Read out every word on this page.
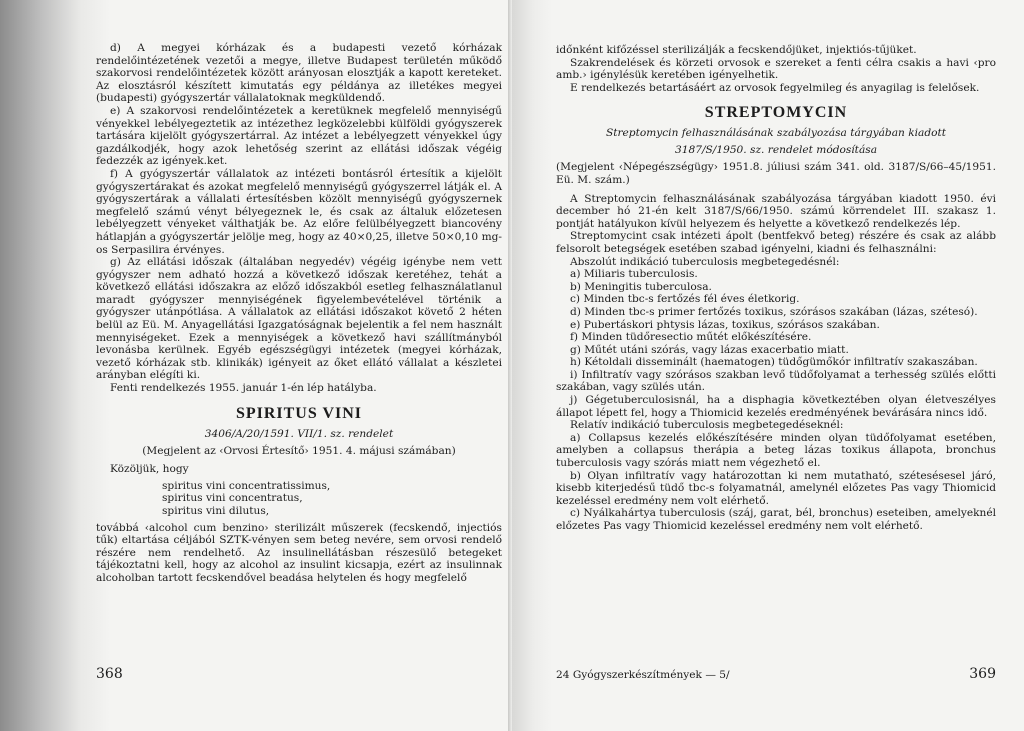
d) A megyei kórházak és a budapesti vezető kórházak rendelőintézetének vezetői a megye, illetve Budapest területén működő szakorvosi rendelőintézetek között arányosan elosztják a kapott kereteket. Az elosztásról készített kimutatás egy példánya az illetékes megyei (budapesti) gyógyszertár vállalatoknak megküldendő.

e) A szakorvosi rendelőintézetek a keretüknek megfelelő mennyiségű vényekkel lebélyegeztetik az intézethez legközelebbi külföldi gyógyszerek tartására kijelölt gyógyszertárral. Az intézet a lebélyegzett vényekkel úgy gazdálkodjék, hogy azok lehetőség szerint az ellátási időszak végéig fedezzék az igények.ket.

f) A gyógyszertár vállalatok az intézeti bontásról értesítik a kijelölt gyógyszertárakat és azokat megfelelő mennyiségű gyógyszerrel látják el. A gyógyszertárak a vállalati értesítésben közölt mennyiségű gyógyszernek megfelelő számú vényt bélyegeznek le, és csak az általuk előzetesen lebélyegzett vényeket válthatják be. Az előre felülbélyegzett biancovény hátlapján a gyógyszertár jelölje meg, hogy az 40×0,25, illetve 50×0,10 mg-os Serpasilira érvényes.

g) Az ellátási időszak (általában negyedév) végéig igénybe nem vett gyógyszer nem adható hozzá a következő időszak keretéhez, tehát a következő ellátási időszakra az előző időszakból esetleg felhasználatlanul maradt gyógyszer mennyiségének figyelembevételével történik a gyógyszer utánpótlása. A vállalatok az ellátási időszakot követő 2 héten belül az Eü. M. Anyagellátási Igazgatóságnak bejelentik a fel nem használt mennyiségeket. Ezek a mennyiségek a következő havi szállítmányból levonásba kerülnek. Egyéb egészségügyi intézetek (megyei kórházak, vezető kórházak stb. klinikák) igényeit az őket ellátó vállalat a készletei arányban elégíti ki.

Fenti rendelkezés 1955. január 1-én lép hatályba.

SPIRITUS VINI
3406/A/20/1591. VII/1. sz. rendelet

(Megjelent az ‹Orvosi Értesítő› 1951. 4. májusi számában)

Közöljük, hogy

spiritus vini concentratissimus,
spiritus vini concentratus,
spiritus vini dilutus,

továbbá ‹alcohol cum benzino› sterilizált műszerek (fecskendő, injectiós tűk) eltartása céljából SZTK-vényen sem beteg nevére, sem orvosi rendelő részére nem rendelhető. Az insulinellátásban részesülő betegeket tájékoztatni kell, hogy az alcohol az insulint kicsapja, ezért az insulinnak alcoholban tartott fecskendővel beadása helytelen és hogy megfelelő

368

időnként kifőzéssel sterilizálják a fecskendőjüket, injektiós-tűjüket.

Szakrendelések és körzeti orvosok e szereket a fenti célra csakis a havi ‹pro amb.› igénylésük keretében igényelhetik.

E rendelkezés betartásáért az orvosok fegyelmileg és anyagilag is felelősek.

STREPTOMYCIN
Streptomycin felhasználásának szabályozása tárgyában kiadott
3187/S/1950. sz. rendelet módosítása

(Megjelent ‹Népegészségügy› 1951.8. júliusi szám 341. old. 3187/S/66–45/1951. Eü. M. szám.)

A Streptomycin felhasználásának szabályozása tárgyában kiadott 1950. évi december hó 21-én kelt 3187/S/66/1950. számú körrendelet III. szakasz 1. pontját hatályukon kívül helyezem és helyette a következő rendelkezés lép.

Streptomycint csak intézeti ápolt (bentfekvő beteg) részére és csak az alább felsorolt betegségek esetében szabad igényelni, kiadni és felhasználni:

Abszolút indikáció tuberculosis megbetegedésnél:

a) Miliaris tuberculosis.

b) Meningitis tuberculosa.

c) Minden tbc-s fertőzés fél éves életkorig.

d) Minden tbc-s primer fertőzés toxikus, szórásos szakában (lázas, szétesó).

e) Pubertáskori phtysis lázas, toxikus, szórásos szakában.

f) Minden tüdőresectio műtét előkészítésére.

g) Műtét utáni szórás, vagy lázas exacerbatio miatt.

h) Kétoldali disseminált (haematogen) tüdőgümőkór infiltratív szakaszában.

i) Infiltratív vagy szórásos szakban levő tüdőfolyamat a terhesség szülés előtti szakában, vagy szülés után.

j) Gégetuberculosisnál, ha a disphagia következtében olyan életveszélyes állapot lépett fel, hogy a Thiomicid kezelés eredményének bevárására nincs idő.

Relatív indikáció tuberculosis megbetegedéseknél:

a) Collapsus kezelés előkészítésére minden olyan tüdőfolyamat esetében, amelyben a collapsus therápia a beteg lázas toxikus állapota, bronchus tuberculosis vagy szórás miatt nem végezhető el.

b) Olyan infiltratív vagy határozottan ki nem mutatható, szétesésesel járó, kisebb kiterjedésű tüdő tbc-s folyamatnál, amelynél előzetes Pas vagy Thiomicid kezeléssel eredmény nem volt elérhető.

c) Nyálkahártya tuberculosis (száj, garat, bél, bronchus) eseteiben, amelyeknél előzetes Pas vagy Thiomicid kezeléssel eredmény nem volt elérhető.

24 Gyógyszerkészítmények — 5/	369
